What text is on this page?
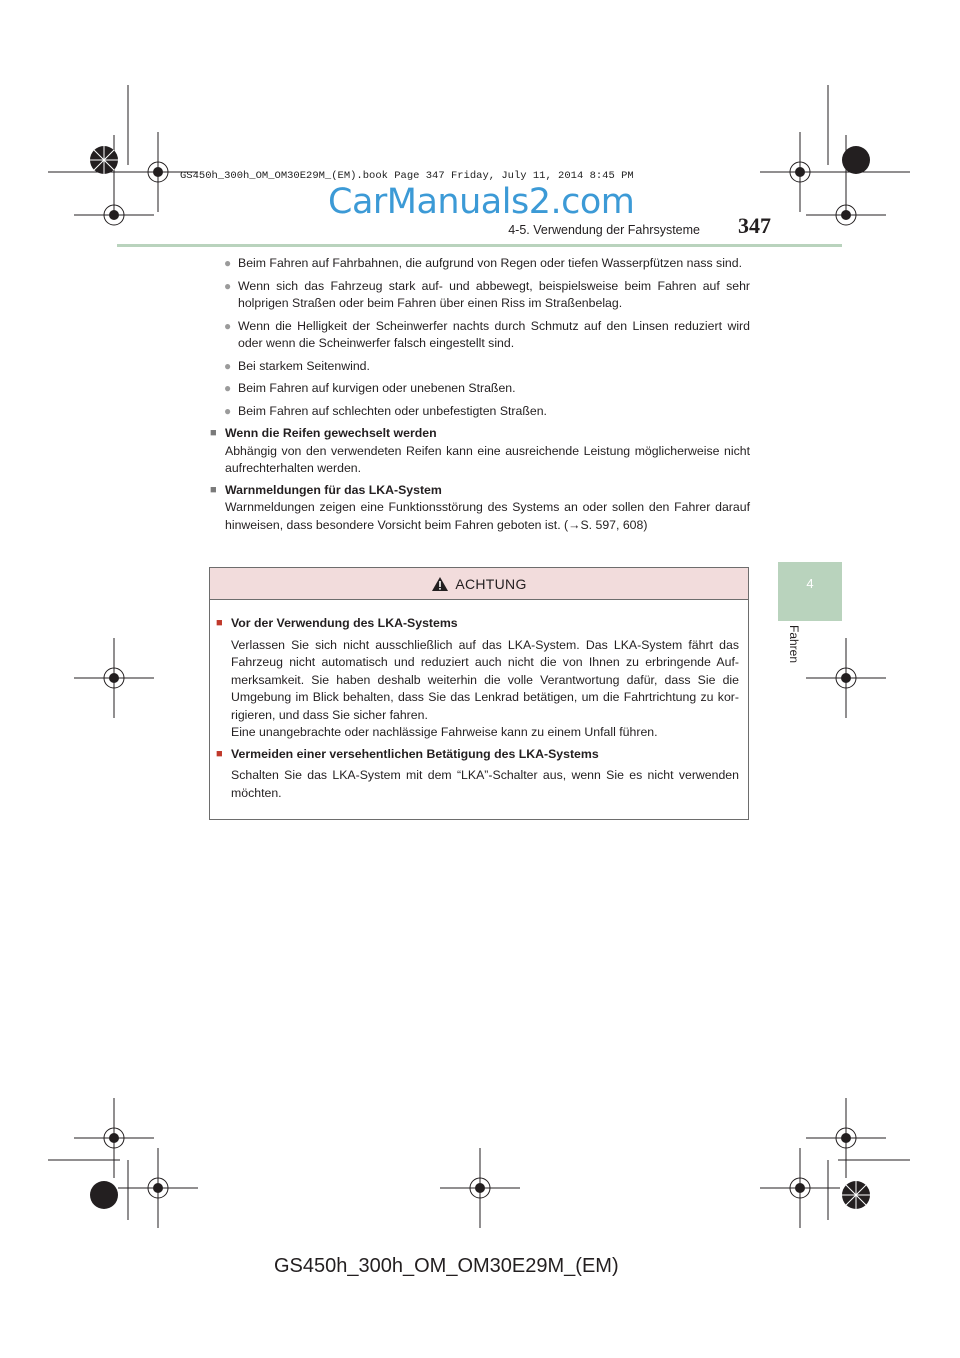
GS450h_300h_OM_OM30E29M_(EM).book Page 347 Friday, July 11, 2014 8:45 PM
CarManuals2.com
4-5. Verwendung der Fahrsysteme 347
4
Fahren
● Beim Fahren auf Fahrbahnen, die aufgrund von Regen oder tiefen Wasserpfützen nass sind.
● Wenn sich das Fahrzeug stark auf- und abbewegt, beispielsweise beim Fahren auf sehr holprigen Straßen oder beim Fahren über einen Riss im Straßenbelag.
● Wenn die Helligkeit der Scheinwerfer nachts durch Schmutz auf den Linsen reduziert wird oder wenn die Scheinwerfer falsch eingestellt sind.
● Bei starkem Seitenwind.
● Beim Fahren auf kurvigen oder unebenen Straßen.
● Beim Fahren auf schlechten oder unbefestigten Straßen.
■ Wenn die Reifen gewechselt werden
Abhängig von den verwendeten Reifen kann eine ausreichende Leistung möglicherweise nicht aufrechterhalten werden.
■ Warnmeldungen für das LKA-System
Warnmeldungen zeigen eine Funktionsstörung des Systems an oder sollen den Fahrer darauf hinweisen, dass besondere Vorsicht beim Fahren geboten ist. (→S. 597, 608)
ACHTUNG
■ Vor der Verwendung des LKA-Systems
Verlassen Sie sich nicht ausschließlich auf das LKA-System. Das LKA-System fährt das Fahrzeug nicht automatisch und reduziert auch nicht die von Ihnen zu erbringende Aufmerksamkeit. Sie haben deshalb weiterhin die volle Verantwortung dafür, dass Sie die Umgebung im Blick behalten, dass Sie das Lenkrad betätigen, um die Fahrtrichtung zu korrigieren, und dass Sie sicher fahren.
Eine unangebrachte oder nachlässige Fahrweise kann zu einem Unfall führen.
■ Vermeiden einer versehentlichen Betätigung des LKA-Systems
Schalten Sie das LKA-System mit dem “LKA”-Schalter aus, wenn Sie es nicht verwenden möchten.
GS450h_300h_OM_OM30E29M_(EM)
